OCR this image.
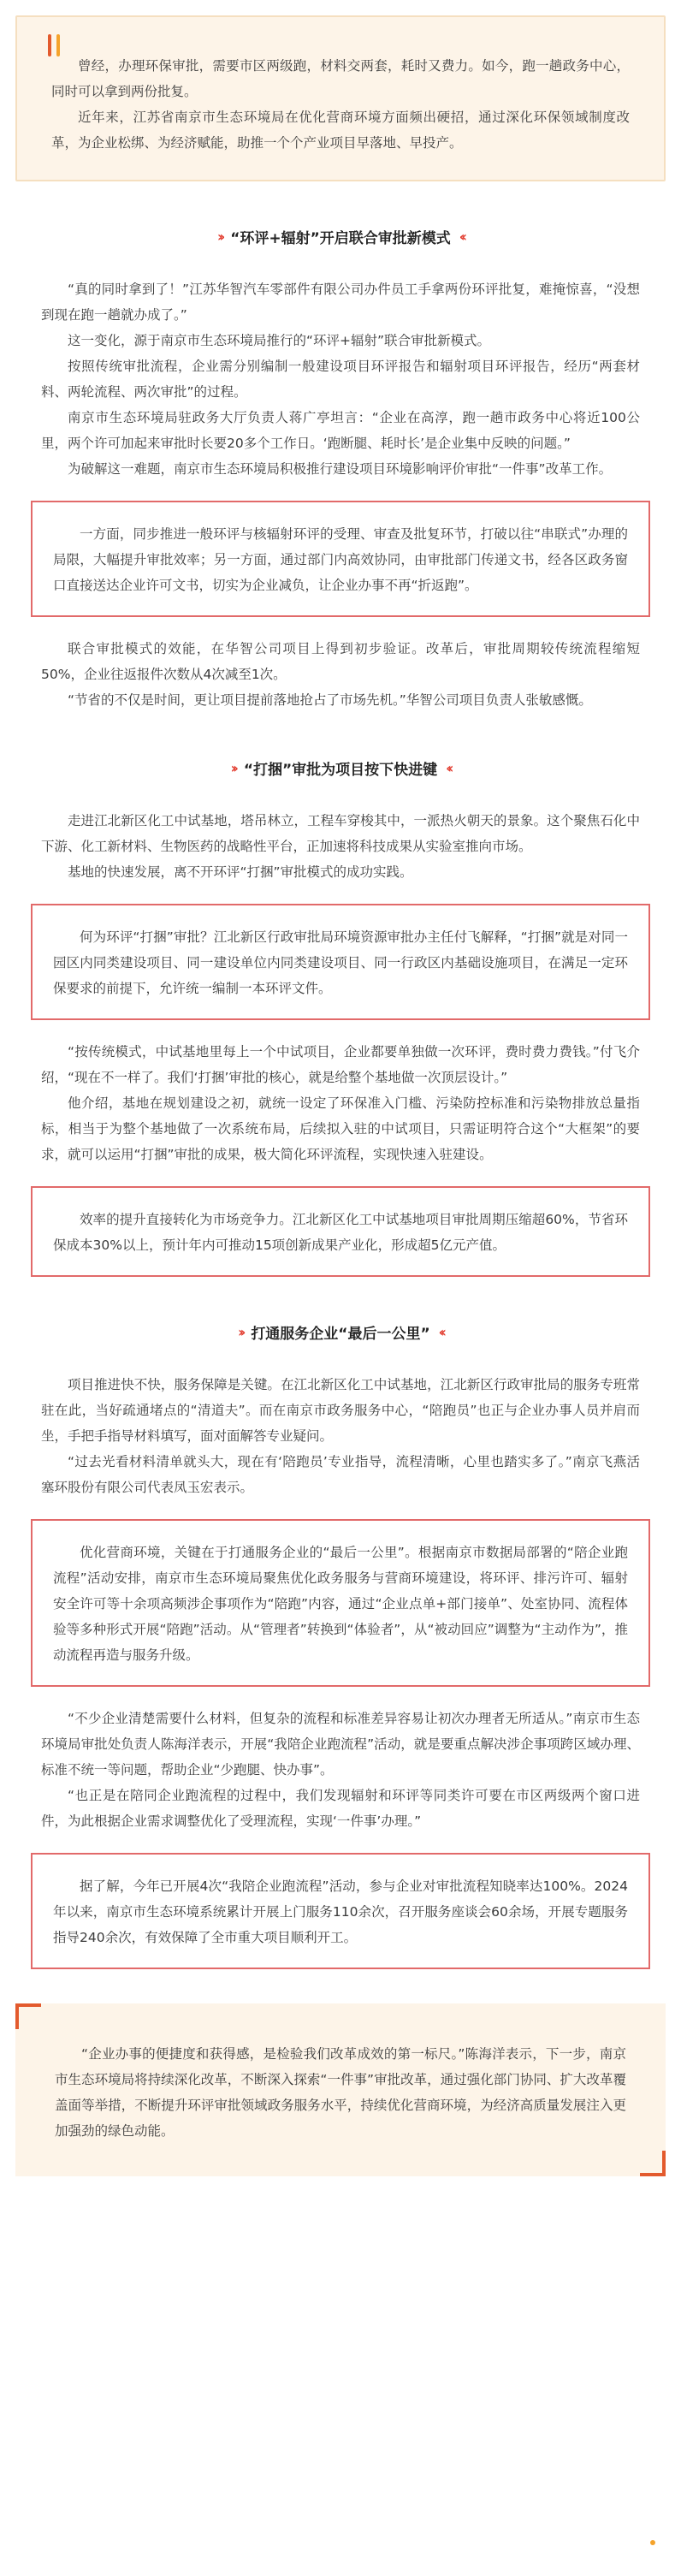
曾经，办理环保审批，需要市区两级跑，材料交两套，耗时又费力。如今，跑一趟政务中心，同时可以拿到两份批复。

近年来，江苏省南京市生态环境局在优化营商环境方面频出硬招，通过深化环保领域制度改革，为企业松绑、为经济赋能，助推一个个产业项目早落地、早投产。

›› “环评+辐射”开启联合审批新模式 ‹‹

“真的同时拿到了！”江苏华智汽车零部件有限公司办件员工手拿两份环评批复，难掩惊喜，“没想到现在跑一趟就办成了。”

这一变化，源于南京市生态环境局推行的“环评+辐射”联合审批新模式。

按照传统审批流程，企业需分别编制一般建设项目环评报告和辐射项目环评报告，经历“两套材料、两轮流程、两次审批”的过程。

南京市生态环境局驻政务大厅负责人蒋广亭坦言：“企业在高淳，跑一趟市政务中心将近100公里，两个许可加起来审批时长要20多个工作日。‘跑断腿、耗时长’是企业集中反映的问题。”

为破解这一难题，南京市生态环境局积极推行建设项目环境影响评价审批“一件事”改革工作。

一方面，同步推进一般环评与核辐射环评的受理、审查及批复环节，打破以往“串联式”办理的局限，大幅提升审批效率；另一方面，通过部门内高效协同，由审批部门传递文书，经各区政务窗口直接送达企业许可文书，切实为企业减负，让企业办事不再“折返跑”。

联合审批模式的效能，在华智公司项目上得到初步验证。改革后，审批周期较传统流程缩短50%，企业往返报件次数从4次减至1次。

“节省的不仅是时间，更让项目提前落地抢占了市场先机。”华智公司项目负责人张敏感慨。

›› “打捆”审批为项目按下快进键 ‹‹

走进江北新区化工中试基地，塔吊林立，工程车穿梭其中，一派热火朝天的景象。这个聚焦石化中下游、化工新材料、生物医药的战略性平台，正加速将科技成果从实验室推向市场。

基地的快速发展，离不开环评“打捆”审批模式的成功实践。

何为环评“打捆”审批？江北新区行政审批局环境资源审批办主任付飞解释，“打捆”就是对同一园区内同类建设项目、同一建设单位内同类建设项目、同一行政区内基础设施项目，在满足一定环保要求的前提下，允许统一编制一本环评文件。

“按传统模式，中试基地里每上一个中试项目，企业都要单独做一次环评，费时费力费钱。”付飞介绍，“现在不一样了。我们‘打捆’审批的核心，就是给整个基地做一次顶层设计。”

他介绍，基地在规划建设之初，就统一设定了环保准入门槛、污染防控标准和污染物排放总量指标，相当于为整个基地做了一次系统布局，后续拟入驻的中试项目，只需证明符合这个“大框架”的要求，就可以运用“打捆”审批的成果，极大简化环评流程，实现快速入驻建设。

效率的提升直接转化为市场竞争力。江北新区化工中试基地项目审批周期压缩超60%，节省环保成本30%以上，预计年内可推动15项创新成果产业化，形成超5亿元产值。

›› 打通服务企业“最后一公里” ‹‹

项目推进快不快，服务保障是关键。在江北新区化工中试基地，江北新区行政审批局的服务专班常驻在此，当好疏通堵点的“清道夫”。而在南京市政务服务中心，“陪跑员”也正与企业办事人员并肩而坐，手把手指导材料填写，面对面解答专业疑问。

“过去光看材料清单就头大，现在有‘陪跑员’专业指导，流程清晰，心里也踏实多了。”南京飞燕活塞环股份有限公司代表凤玉宏表示。

优化营商环境，关键在于打通服务企业的“最后一公里”。根据南京市数据局部署的“陪企业跑流程”活动安排，南京市生态环境局聚焦优化政务服务与营商环境建设，将环评、排污许可、辐射安全许可等十余项高频涉企事项作为“陪跑”内容，通过“企业点单+部门接单”、处室协同、流程体验等多种形式开展“陪跑”活动。从“管理者”转换到“体验者”，从“被动回应”调整为“主动作为”，推动流程再造与服务升级。

“不少企业清楚需要什么材料，但复杂的流程和标准差异容易让初次办理者无所适从。”南京市生态环境局审批处负责人陈海洋表示，开展“我陪企业跑流程”活动，就是要重点解决涉企事项跨区域办理、标准不统一等问题，帮助企业“少跑腿、快办事”。

“也正是在陪同企业跑流程的过程中，我们发现辐射和环评等同类许可要在市区两级两个窗口进件，为此根据企业需求调整优化了受理流程，实现‘一件事’办理。”

据了解，今年已开展4次“我陪企业跑流程”活动，参与企业对审批流程知晓率达100%。2024年以来，南京市生态环境系统累计开展上门服务110余次，召开服务座谈会60余场，开展专题服务指导240余次，有效保障了全市重大项目顺利开工。

“企业办事的便捷度和获得感，是检验我们改革成效的第一标尺。”陈海洋表示，下一步，南京市生态环境局将持续深化改革，不断深入探索“一件事”审批改革，通过强化部门协同、扩大改革覆盖面等举措，不断提升环评审批领域政务服务水平，持续优化营商环境，为经济高质量发展注入更加强劲的绿色动能。
